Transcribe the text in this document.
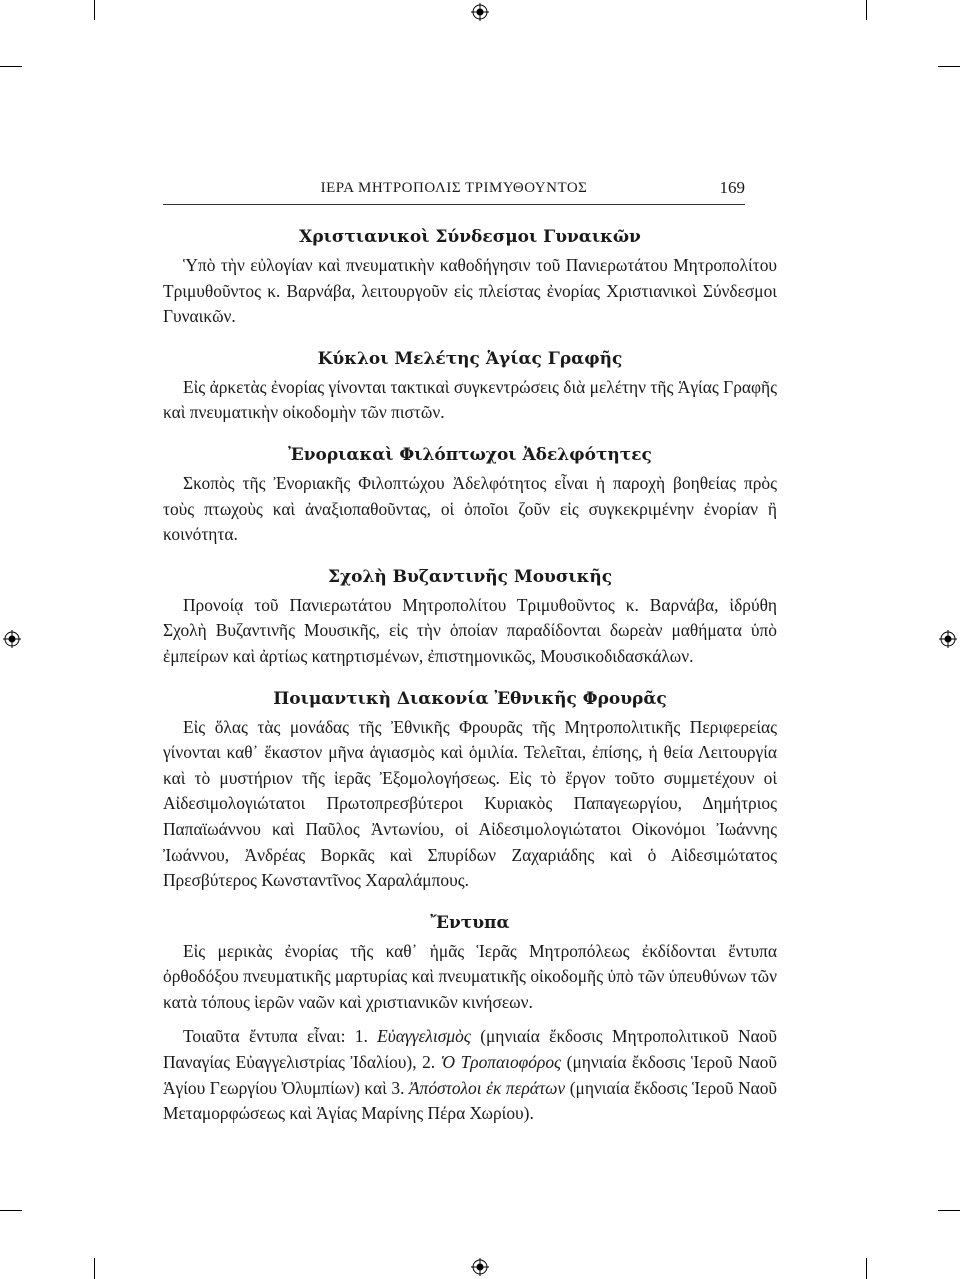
ΙΕΡΑ ΜΗΤΡΟΠΟΛΙΣ ΤΡΙΜΥΘΟΥΝΤΟΣ	169
Χριστιανικοὶ Σύνδεσμοι Γυναικῶν

Ὑπὸ τὴν εὐλογίαν καὶ πνευματικὴν καθοδήγησιν τοῦ Πανιερωτάτου Μητροπολίτου Τριμυθοῦντος κ. Βαρνάβα, λειτουργοῦν εἰς πλείστας ἐνορίας Χριστιανικοὶ Σύνδεσμοι Γυναικῶν.

Κύκλοι Μελέτης Ἁγίας Γραφῆς

Εἰς ἀρκετὰς ἐνορίας γίνονται τακτικαὶ συγκεντρώσεις διὰ μελέτην τῆς Ἁγίας Γραφῆς καὶ πνευματικὴν οἰκοδομὴν τῶν πιστῶν.

Ἐνοριακαὶ Φιλόπτωχοι Ἀδελφότητες

Σκοπὸς τῆς Ἐνοριακῆς Φιλοπτώχου Ἀδελφότητος εἶναι ἡ παροχὴ βοηθείας πρὸς τοὺς πτωχοὺς καὶ ἀναξιοπαθοῦντας, οἱ ὁποῖοι ζοῦν εἰς συγκεκριμένην ἐνορίαν ἢ κοινότητα.

Σχολὴ Βυζαντινῆς Μουσικῆς

Προνοίᾳ τοῦ Πανιερωτάτου Μητροπολίτου Τριμυθοῦντος κ. Βαρνάβα, ἱδρύθη Σχολὴ Βυζαντινῆς Μουσικῆς, εἰς τὴν ὁποίαν παραδίδονται δωρεὰν μαθήματα ὑπὸ ἐμπείρων καὶ ἀρτίως κατηρτισμένων, ἐπιστημονικῶς, Μουσικοδιδασκάλων.

Ποιμαντικὴ Διακονία Ἐθνικῆς Φρουρᾶς

Εἰς ὅλας τὰς μονάδας τῆς Ἐθνικῆς Φρουρᾶς τῆς Μητροπολιτικῆς Περιφερείας γίνονται καθ᾽ ἕκαστον μῆνα ἁγιασμὸς καὶ ὁμιλία. Τελεῖται, ἐπίσης, ἡ θεία Λειτουργία καὶ τὸ μυστήριον τῆς ἱερᾶς Ἐξομολογήσεως. Εἰς τὸ ἔργον τοῦτο συμμετέχουν οἱ Αἰδεσιμολογιώτατοι Πρωτοπρεσβύτεροι Κυριακὸς Παπαγεωργίου, Δημήτριος Παπαϊωάννου καὶ Παῦλος Ἀντωνίου, οἱ Αἰδεσιμολογιώτατοι Οἰκονόμοι Ἰωάννης Ἰωάννου, Ἀνδρέας Βορκᾶς καὶ Σπυρίδων Ζαχαριάδης καὶ ὁ Αἰδεσιμώτατος Πρεσβύτερος Κωνσταντῖνος Χαραλάμπους.

Ἔντυπα

Εἰς μερικὰς ἐνορίας τῆς καθ᾽ ἡμᾶς Ἱερᾶς Μητροπόλεως ἐκδίδονται ἔντυπα ὀρθοδόξου πνευματικῆς μαρτυρίας καὶ πνευματικῆς οἰκοδομῆς ὑπὸ τῶν ὑπευθύνων τῶν κατὰ τόπους ἱερῶν ναῶν καὶ χριστιανικῶν κινήσεων.

Τοιαῦτα ἔντυπα εἶναι: 1. Εὐαγγελισμὸς (μηνιαία ἔκδοσις Μητροπολιτικοῦ Ναοῦ Παναγίας Εὐαγγελιστρίας Ἰδαλίου), 2. Ὁ Τροπαιοφόρος (μηνιαία ἔκδοσις Ἱεροῦ Ναοῦ Ἁγίου Γεωργίου Ὀλυμπίων) καὶ 3. Ἀπόστολοι ἐκ περάτων (μηνιαία ἔκδοσις Ἱεροῦ Ναοῦ Μεταμορφώσεως καὶ Ἁγίας Μαρίνης Πέρα Χωρίου).
